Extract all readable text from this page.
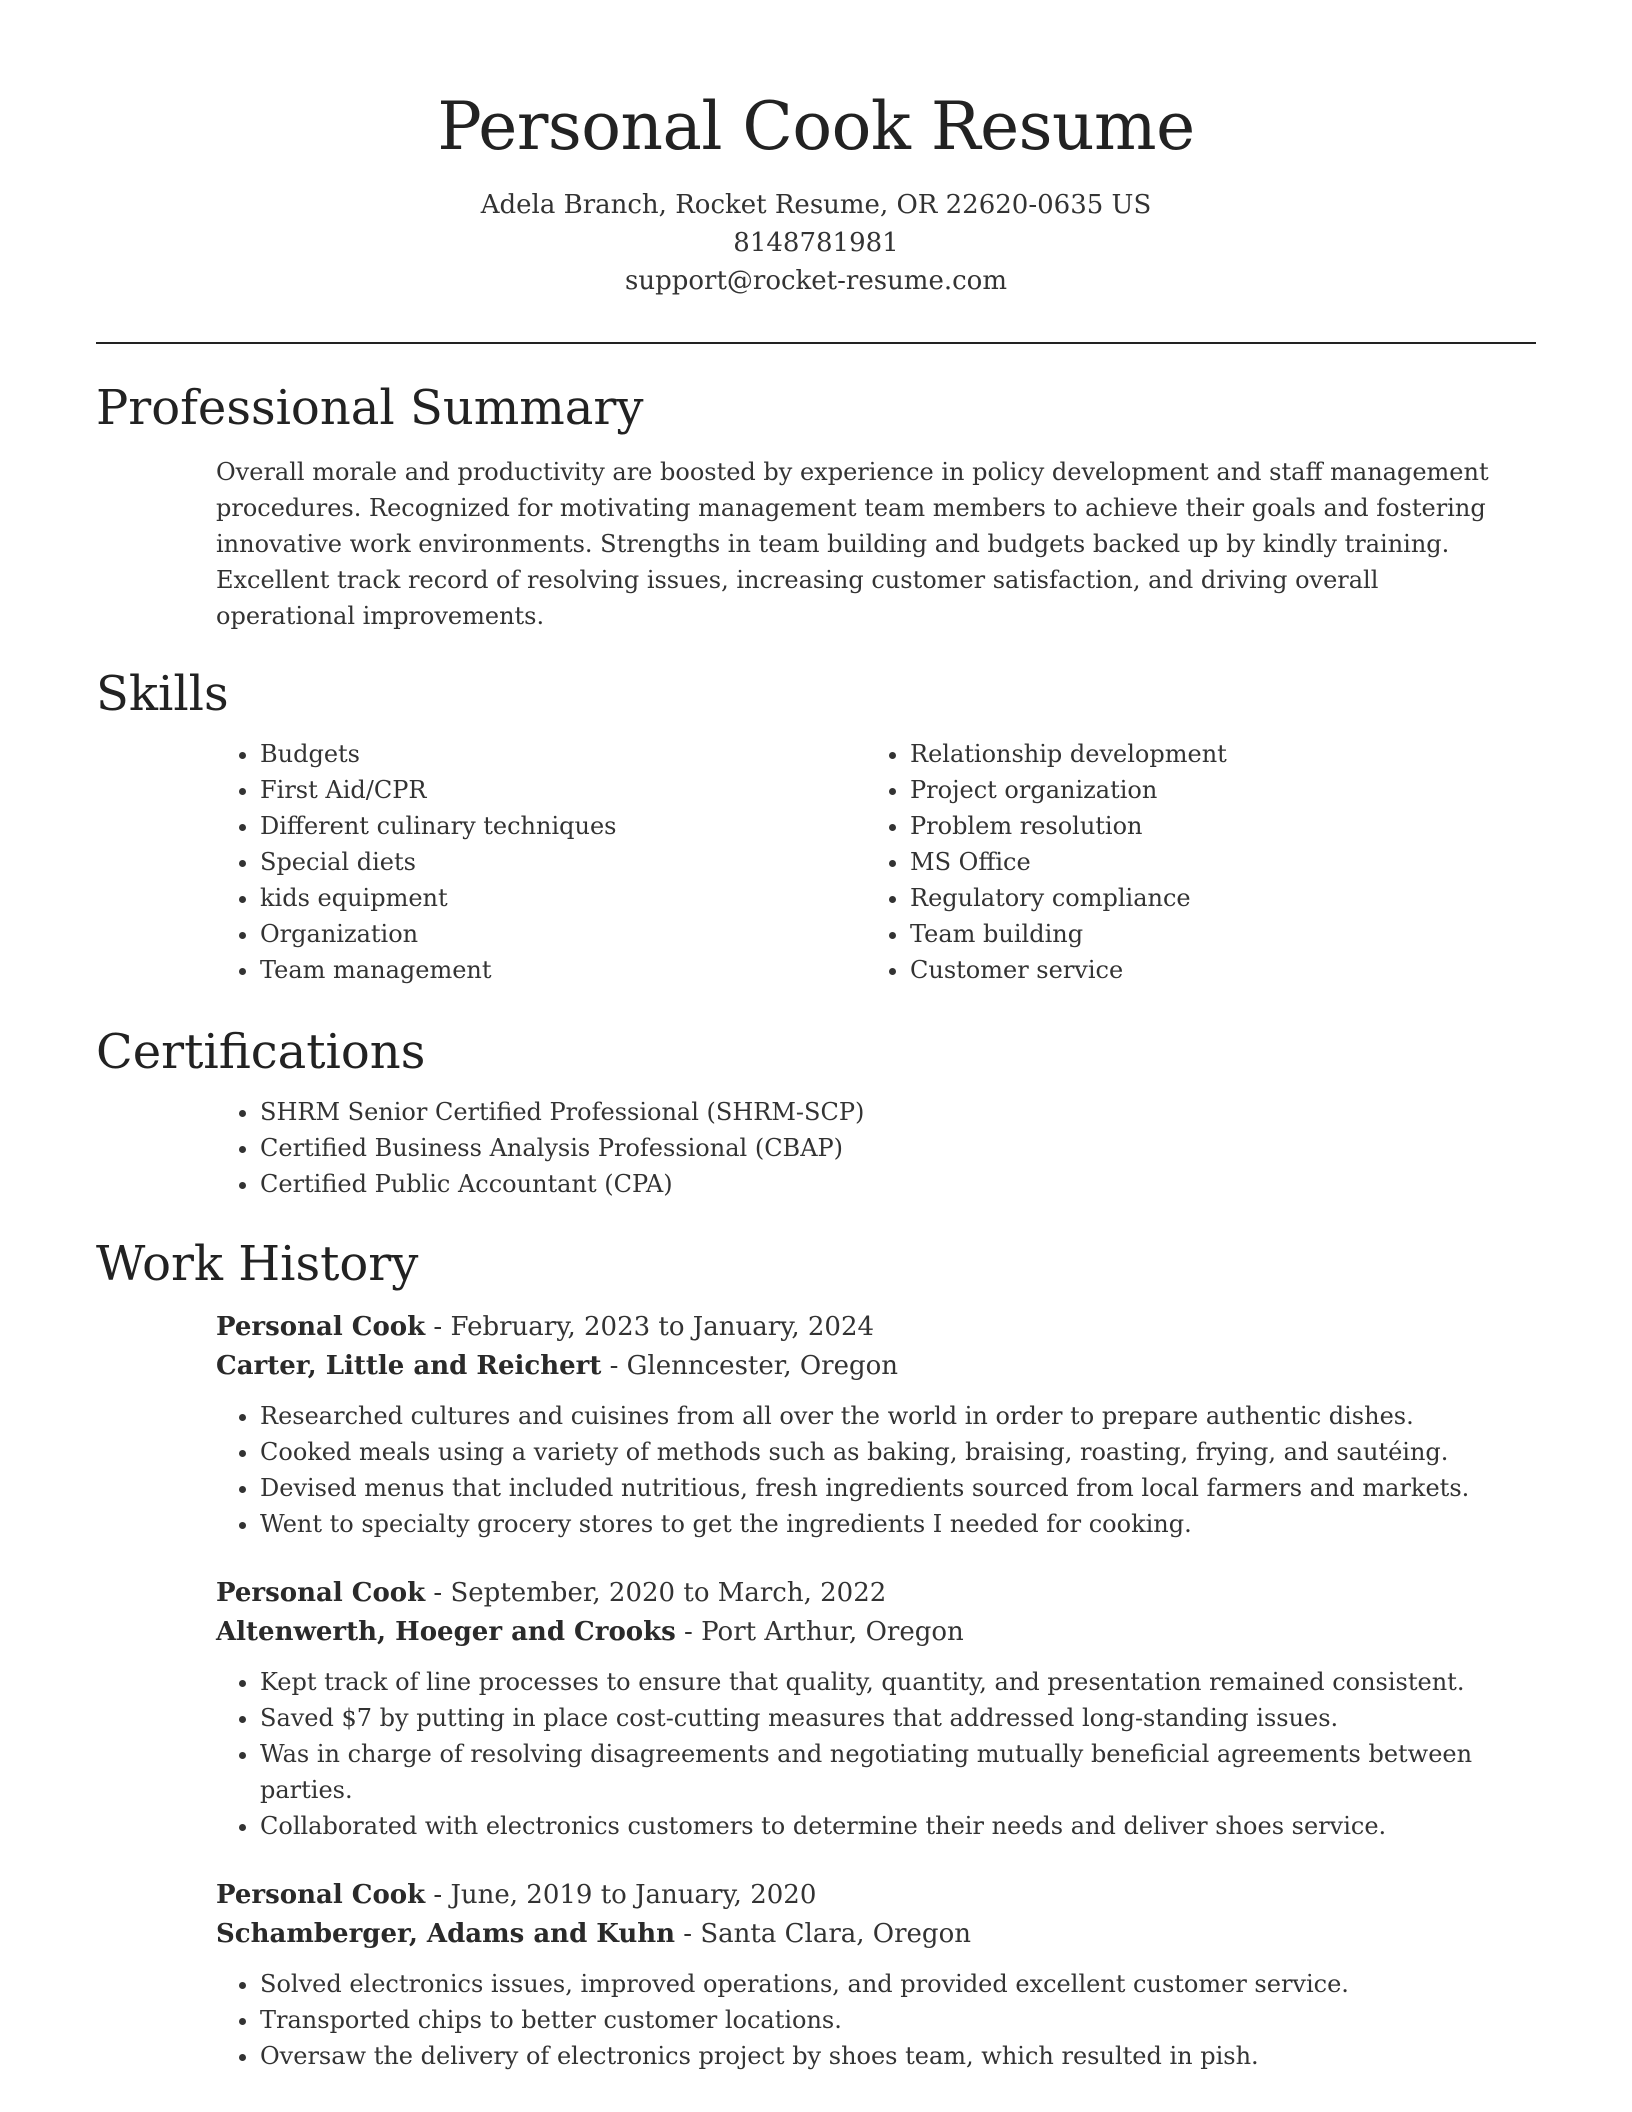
Personal Cook Resume
Adela Branch, Rocket Resume, OR 22620-0635 US
8148781981
support@rocket-resume.com
Professional Summary

Overall morale and productivity are boosted by experience in policy development and staff management procedures. Recognized for motivating management team members to achieve their goals and fostering innovative work environments. Strengths in team building and budgets backed up by kindly training. Excellent track record of resolving issues, increasing customer satisfaction, and driving overall operational improvements.

Skills
• Budgets
• First Aid/CPR
• Different culinary techniques
• Special diets
• kids equipment
• Organization
• Team management
• Relationship development
• Project organization
• Problem resolution
• MS Office
• Regulatory compliance
• Team building
• Customer service
Certifications
• SHRM Senior Certified Professional (SHRM-SCP)
• Certified Business Analysis Professional (CBAP)
• Certified Public Accountant (CPA)
Work History
Personal Cook - February, 2023 to January, 2024
Carter, Little and Reichert - Glenncester, Oregon
• Researched cultures and cuisines from all over the world in order to prepare authentic dishes.
• Cooked meals using a variety of methods such as baking, braising, roasting, frying, and sautéing.
• Devised menus that included nutritious, fresh ingredients sourced from local farmers and markets.
• Went to specialty grocery stores to get the ingredients I needed for cooking.
Personal Cook - September, 2020 to March, 2022
Altenwerth, Hoeger and Crooks - Port Arthur, Oregon
• Kept track of line processes to ensure that quality, quantity, and presentation remained consistent.
• Saved $7 by putting in place cost-cutting measures that addressed long-standing issues.
• Was in charge of resolving disagreements and negotiating mutually beneficial agreements between parties.
• Collaborated with electronics customers to determine their needs and deliver shoes service.
Personal Cook - June, 2019 to January, 2020
Schamberger, Adams and Kuhn - Santa Clara, Oregon
• Solved electronics issues, improved operations, and provided excellent customer service.
• Transported chips to better customer locations.
• Oversaw the delivery of electronics project by shoes team, which resulted in pish.
